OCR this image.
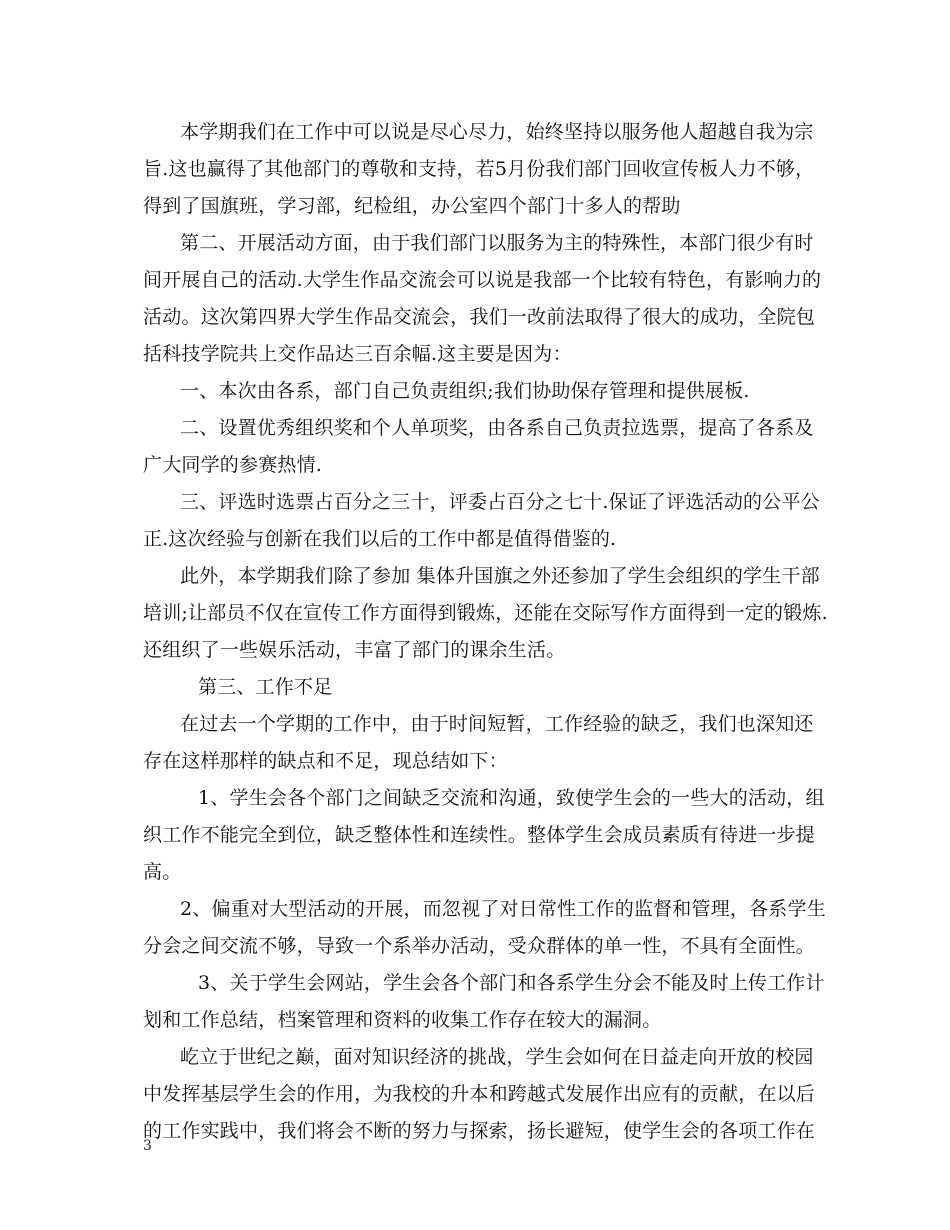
本学期我们在工作中可以说是尽心尽力，始终坚持以服务他人超越自我为宗
旨.这也赢得了其他部门的尊敬和支持，若5月份我们部门回收宣传板人力不够，
得到了国旗班，学习部，纪检组，办公室四个部门十多人的帮助
第二、开展活动方面，由于我们部门以服务为主的特殊性，本部门很少有时
间开展自己的活动.大学生作品交流会可以说是我部一个比较有特色，有影响力的
活动。这次第四界大学生作品交流会，我们一改前法取得了很大的成功，全院包
括科技学院共上交作品达三百余幅.这主要是因为：
一、本次由各系，部门自己负责组织;我们协助保存管理和提供展板.
二、设置优秀组织奖和个人单项奖，由各系自己负责拉选票，提高了各系及
广大同学的参赛热情.
三、评选时选票占百分之三十，评委占百分之七十.保证了评选活动的公平公
正.这次经验与创新在我们以后的工作中都是值得借鉴的.
此外，本学期我们除了参加 集体升国旗之外还参加了学生会组织的学生干部
培训;让部员不仅在宣传工作方面得到锻炼，还能在交际写作方面得到一定的锻炼.
还组织了一些娱乐活动，丰富了部门的课余生活。
第三、工作不足
在过去一个学期的工作中，由于时间短暂，工作经验的缺乏，我们也深知还
存在这样那样的缺点和不足，现总结如下：
1、学生会各个部门之间缺乏交流和沟通，致使学生会的一些大的活动，组
织工作不能完全到位，缺乏整体性和连续性。整体学生会成员素质有待进一步提
高。
2、偏重对大型活动的开展，而忽视了对日常性工作的监督和管理，各系学生
分会之间交流不够，导致一个系举办活动，受众群体的单一性，不具有全面性。
3、关于学生会网站，学生会各个部门和各系学生分会不能及时上传工作计
划和工作总结，档案管理和资料的收集工作存在较大的漏洞。
屹立于世纪之巅，面对知识经济的挑战，学生会如何在日益走向开放的校园
中发挥基层学生会的作用，为我校的升本和跨越式发展作出应有的贡献，在以后
的工作实践中，我们将会不断的努力与探索，扬长避短，使学生会的各项工作在
3
